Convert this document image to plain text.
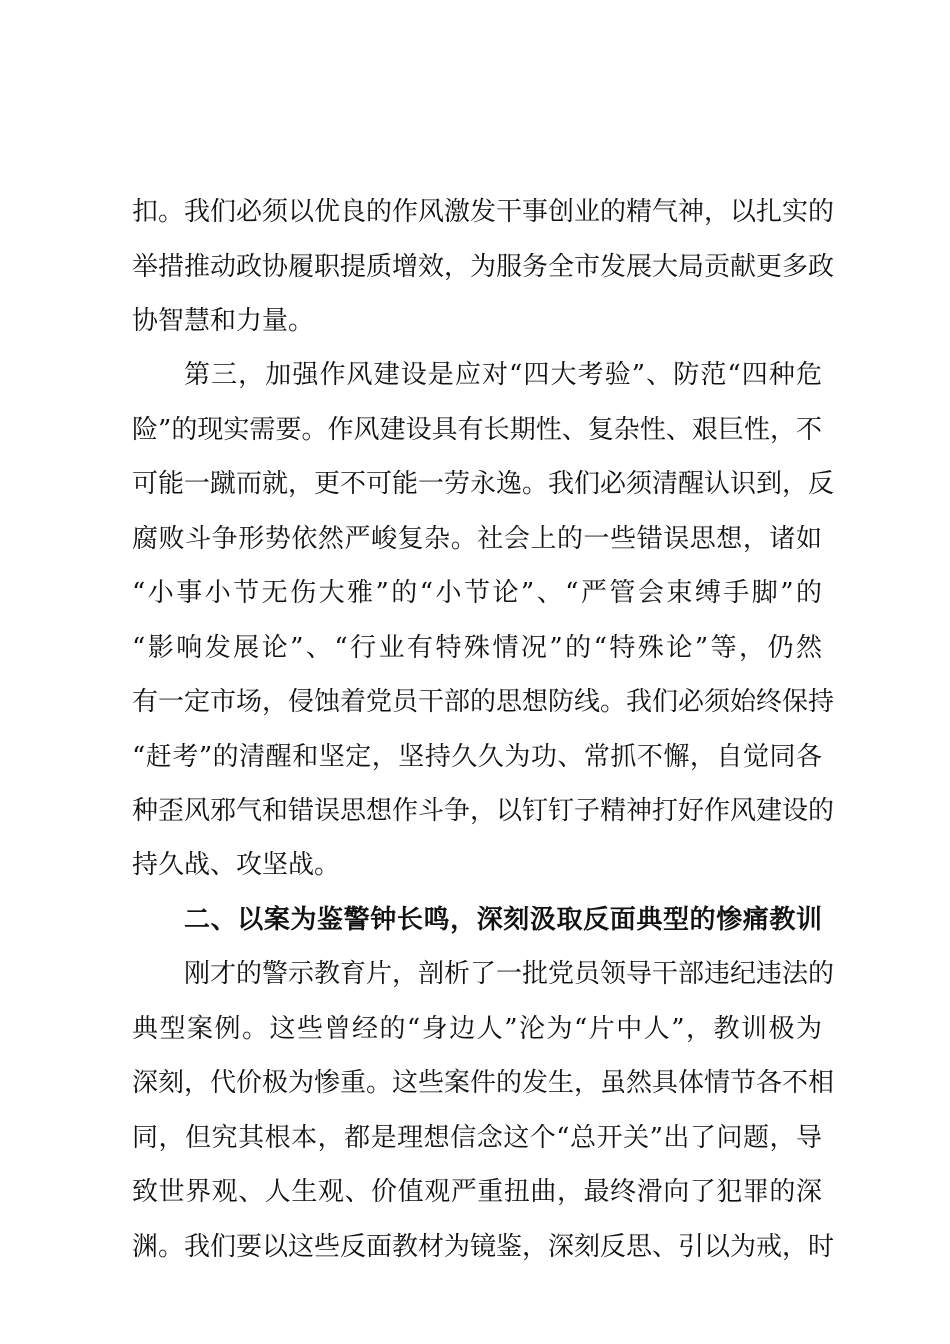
扣。我们必须以优良的作风激发干事创业的精气神，以扎实的
举措推动政协履职提质增效，为服务全市发展大局贡献更多政
协智慧和力量。
第三，加强作风建设是应对“四大考验”、防范“四种危
险”的现实需要。作风建设具有长期性、复杂性、艰巨性，不
可能一蹴而就，更不可能一劳永逸。我们必须清醒认识到，反
腐败斗争形势依然严峻复杂。社会上的一些错误思想，诸如
“小事小节无伤大雅”的“小节论”、“严管会束缚手脚”的
“影响发展论”、“行业有特殊情况”的“特殊论”等，仍然
有一定市场，侵蚀着党员干部的思想防线。我们必须始终保持
“赶考”的清醒和坚定，坚持久久为功、常抓不懈，自觉同各
种歪风邪气和错误思想作斗争，以钉钉子精神打好作风建设的
持久战、攻坚战。
二、以案为鉴警钟长鸣，深刻汲取反面典型的惨痛教训
刚才的警示教育片，剖析了一批党员领导干部违纪违法的
典型案例。这些曾经的“身边人”沦为“片中人”，教训极为
深刻，代价极为惨重。这些案件的发生，虽然具体情节各不相
同，但究其根本，都是理想信念这个“总开关”出了问题，导
致世界观、人生观、价值观严重扭曲，最终滑向了犯罪的深
渊。我们要以这些反面教材为镜鉴，深刻反思、引以为戒，时
